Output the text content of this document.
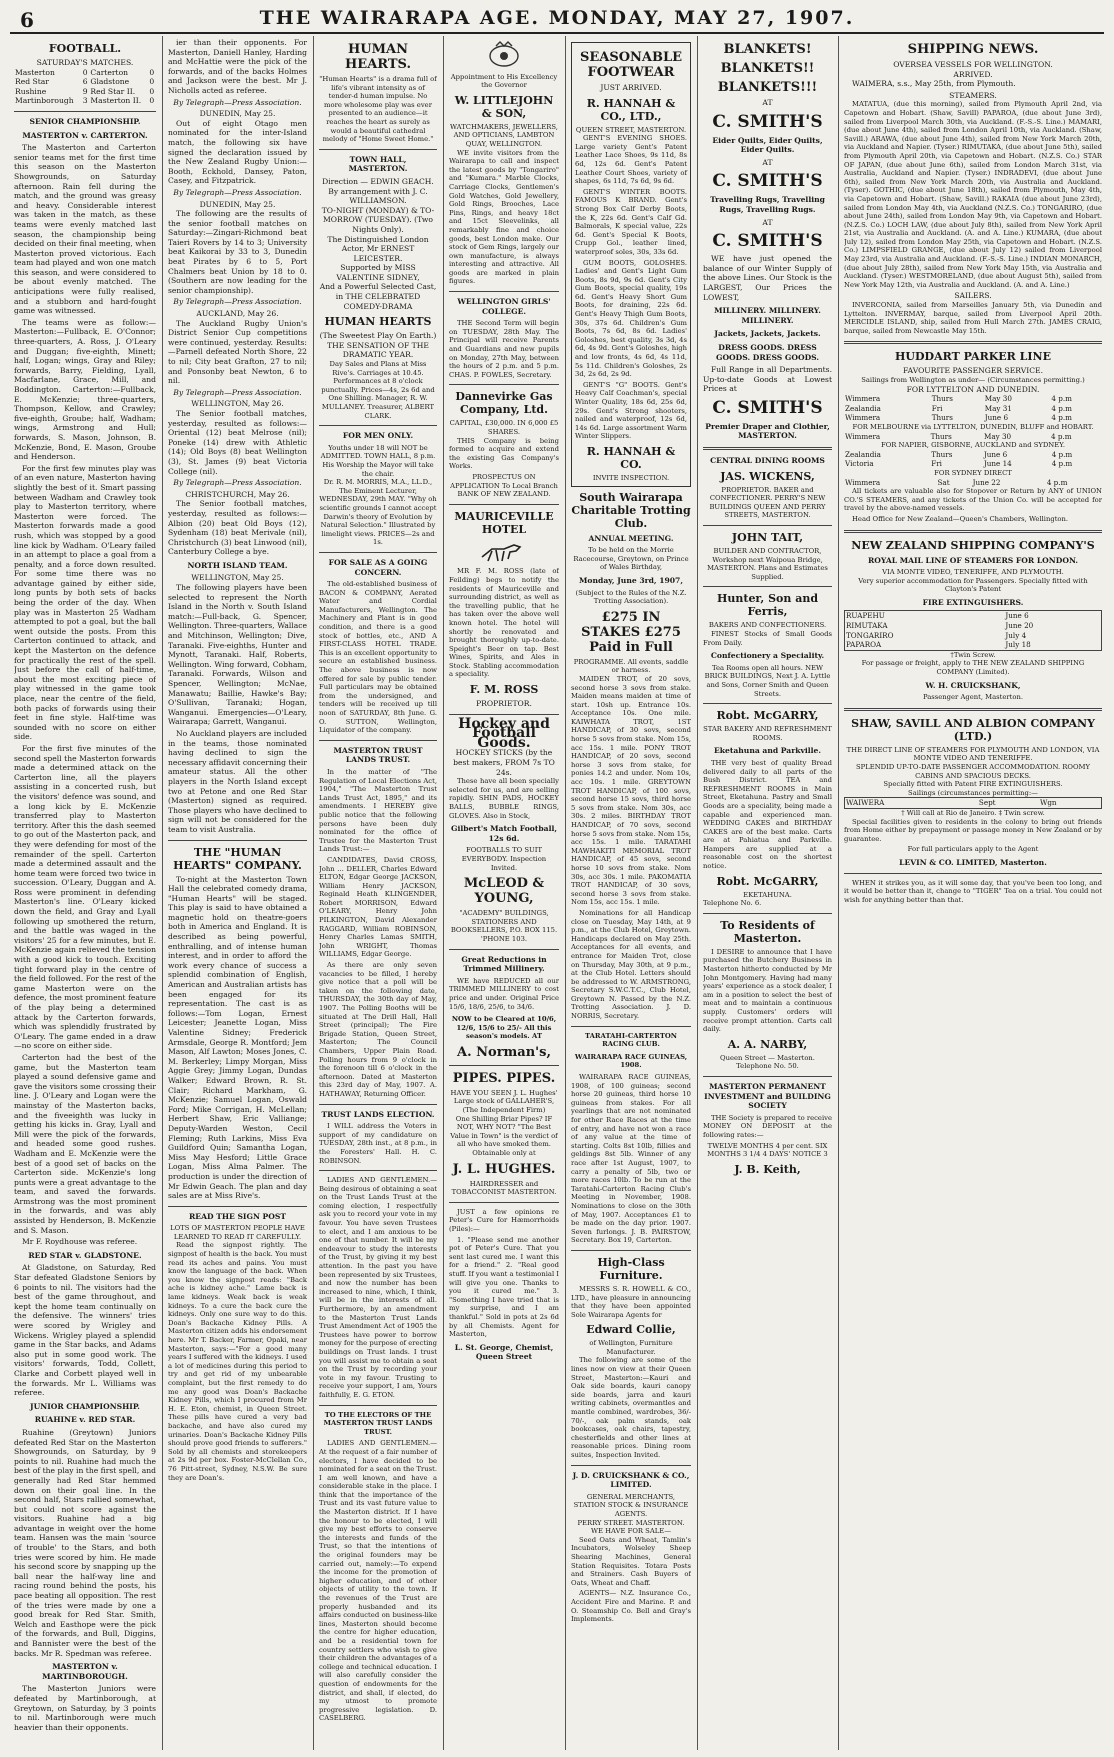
6	THE WAIRARAPA AGE. MONDAY, MAY 27, 1907.
FOOTBALL.
SATURDAY'S MATCHES.
Masterton	0	Carterton	0
Red Star	6	Gladstone	0
Rushine	9	Red Star II.	0
Martinborough	3	Masterton II.	0
SENIOR CHAMPIONSHIP.
MASTERTON v. CARTERTON.

The Masterton and Carterton senior teams met for the first time this season on the Masterton Showgrounds, on Saturday afternoon. Rain fell during the match, and the ground was greasy and heavy. Considerable interest was taken in the match, as these teams were evenly matched last season, the championship being decided on their final meeting, when Masterton proved victorious. Each team had played and won one match this season, and were considered to be about evenly matched. The anticipations were fully realised, and a stubborn and hard-fought game was witnessed.

The teams were as follow:—Masterton:—Fullback, E. O'Connor; three-quarters, A. Ross, J. O'Leary and Duggan; five-eighth, Minett; half, Logan; wings, Gray and Riley; forwards, Barry, Fielding, Lyall, Macfarlane, Grace, Mill, and Boddington. Carterton:—Fullback, E. McKenzie; three-quarters, Thompson, Kellow, and Crawley; five-eighth, Groube; half, Wadham; wings, Armstrong and Hull; forwards, S. Mason, Johnson, B. McKenzie, Bond, E. Mason, Groube and Henderson.

For the first few minutes play was of an even nature, Masterton having slightly the best of it. Smart passing between Wadham and Crawley took play to Masterton territory, where Masterton were forced. The Masterton forwards made a good rush, which was stopped by a good line kick by Wadham. O'Leary failed in an attempt to place a goal from a penalty, and a force down resulted. For some time there was no advantage gained by either side, long punts by both sets of backs being the order of the day. When play was in Masterton 25 Wadham attempted to pot a goal, but the ball went outside the posts. From this Carterton continued to attack, and kept the Masterton on the defence for practically the rest of the spell. Just before the call of half-time, about the most exciting piece of play witnessed in the game took place, near the centre of the field, both packs of forwards using their feet in fine style. Half-time was sounded with no score on either side.

For the first five minutes of the second spell the Masterton forwards made a determined attack on the Carterton line, all the players assisting in a concerted rush, but the visitors' defence was sound, and a long kick by E. McKenzie transferred play to Masterton territory. After this the dash seemed to go out of the Masterton pack, and they were defending for most of the remainder of the spell. Carterton made a determined assault and the home team were forced two twice in succession. O'Leary, Duggan and A. Ross were prominent in defending Masterton's line. O'Leary kicked down the field, and Gray and Lyall following up smothered the return, and the battle was waged in the visitors' 25 for a few minutes, but E. McKenzie again relieved the tension with a good kick to touch. Exciting tight forward play in the centre of the field followed. For the rest of the game Masterton were on the defence, the most prominent feature of the play being a determined attack by the Carterton forwards, which was splendidly frustrated by O'Leary. The game ended in a draw—no score on either side.

Carterton had the best of the game, but the Masterton team played a sound defensive game and gave the visitors some crossing their line. J. O'Leary and Logan were the mainstay of the Masterton backs, and the fiveeighth was lucky in getting his kicks in. Gray, Lyall and Mill were the pick of the forwards, and headed some good rushes. Wadham and E. McKenzie were the best of a good set of backs on the Carterton side. McKenzie's long punts were a great advantage to the team, and saved the forwards. Armstrong was the most prominent in the forwards, and was ably assisted by Henderson, B. McKenzie and S. Mason.

Mr F. Roydhouse was referee.

RED STAR v. GLADSTONE.

At Gladstone, on Saturday, Red Star defeated Gladstone Seniors by 6 points to nil. The visitors had the best of the game throughout, and kept the home team continually on the defensive. The winners' tries were scored by Wrigley and Wickens. Wrigley played a splendid game in the Star backs, and Adams also put in some good work. The visitors' forwards, Todd, Collett, Clarke and Corbett played well in the forwards. Mr L. Williams was referee.

JUNIOR CHAMPIONSHIP.
RUAHINE v. RED STAR.

Ruahine (Greytown) Juniors defeated Red Star on the Masterton Showgrounds, on Saturday, by 9 points to nil. Ruahine had much the best of the play in the first spell, and generally had Red Star hemmed down on their goal line. In the second half, Stars rallied somewhat, but could not score against the visitors. Ruahine had a big advantage in weight over the home team. Hansen was the main 'source of trouble' to the Stars, and both tries were scored by him. He made his second score by snapping up the ball near the half-way line and racing round behind the posts, his pace beating all opposition. The rest of the tries were made by one a good break for Red Star. Smith, Welch and Easthope were the pick of the forwards, and Bull, Diggins, and Bannister were the best of the backs. Mr R. Spedman was referee.

MASTERTON v. MARTINBOROUGH.

The Masterton Juniors were defeated by Martinborough, at Greytown, on Saturday, by 3 points to nil. Martinborough were much heavier than their opponents.

ier than their opponents. For Masterton, Daniell Hanley, Harding and McHattie were the pick of the forwards, and of the backs Holmes and Jackson were the best. Mr J. Nicholls acted as referee.

By Telegraph—Press Association.
DUNEDIN, May 25.

Out of eight Otago men nominated for the inter-Island match, the following six have signed the declaration issued by the New Zealand Rugby Union:—Booth, Eckhold, Dansey, Paton, Casey, and Fitzpatrick.

By Telegraph—Press Association.
DUNEDIN, May 25.

The following are the results of the senior football matches on Saturday:—Zingari-Richmond beat Taieri Rovers by 14 to 3; University beat Kaikorai by 33 to 3, Dunedin beat Pirates by 6 to 5, Port Chalmers beat Union by 18 to 0. (Southern are now leading for the senior championship).

By Telegraph—Press Association.
AUCKLAND, May 26.

The Auckland Rugby Union's District Senior Cup competitions were continued, yesterday. Results:—Parnell defeated North Shore, 22 to nil; City beat Grafton, 27 to nil; and Ponsonby beat Newton, 6 to nil.

By Telegraph—Press Association.
WELLINGTON, May 26.

The Senior football matches, yesterday, resulted as follows:—Oriental (12) beat Melrose (nil); Poneke (14) drew with Athletic (14); Old Boys (8) beat Wellington (3), St. James (9) beat Victoria College (nil).

By Telegraph—Press Association.
CHRISTCHURCH, May 26.

The Senior football matches, yesterday, resulted as follows:—Albion (20) beat Old Boys (12), Sydenham (18) beat Merivale (nil), Christchurch (3) beat Linwood (nil), Canterbury College a bye.

NORTH ISLAND TEAM.
WELLINGTON, May 25.

The following players have been selected to represent the North Island in the North v. South Island match:—Full-back, G. Spencer, Wellington. Three-quarters, Wallace and Mitchinson, Wellington; Dive, Taranaki. Five-eighths, Hunter and Mynott, Taranaki. Half, Roberts, Wellington. Wing forward, Cobham, Taranaki. Forwards, Wilson and Spencer, Wellington; McNae, Manawatu; Baillie, Hawke's Bay; O'Sullivan, Taranaki; Hogan, Wanganui. Emergencies—O'Leary, Wairarapa; Garrett, Wanganui.

No Auckland players are included in the teams, those nominated having declined to sign the necessary affidavit concerning their amateur status. All the other players in the North Island except two at Petone and one Red Star (Masterton) signed as required. Those players who have declined to sign will not be considered for the team to visit Australia.

THE "HUMAN HEARTS" COMPANY.

To-night at the Masterton Town Hall the celebrated comedy drama, "Human Hearts" will be staged. This play is said to have obtained a magnetic hold on theatre-goers both in America and England. It is described as being powerful, enthralling, and of intense human interest, and in order to afford the work every chance of success a splendid combination of English, American and Australian artists has been engaged for its representation. The cast is as follows:—Tom Logan, Ernest Leicester; Jeanette Logan, Miss Valentine Sidney; Frederick Armsdale, George R. Montford; Jem Mason, Alf Lawton; Moses Jones, C. M. Berkerley; Limpy Morgan, Miss Aggie Grey; Jimmy Logan, Dundas Walker; Edward Brown, R. St. Clair; Richard Markham, G. McKenzie; Samuel Logan, Oswald Ford; Mike Corrigan, H. McLellan; Herbert Shaw, Eric Valliange; Deputy-Warden Weston, Cecil Fleming; Ruth Larkins, Miss Eva Guildford Quin; Samantha Logan, Miss May Hesford; Little Grace Logan, Miss Alma Palmer. The production is under the direction of Mr Edwin Geach. The plan and day sales are at Miss Rive's.

READ THE SIGN POST
LOTS OF MASTERTON PEOPLE HAVE LEARNED TO READ IT CAREFULLY.

Read the signpost rightly. The signpost of health is the back. You must read its aches and pains. You must know the language of the back. When you know the signpost reads: "Back ache is kidney ache." Lame back is lame kidneys. Weak back is weak kidneys. To a cure the back cure the kidneys. Only one sure way to do this. Doan's Backache Kidney Pills. A Masterton citizen adds his endorsement here. Mr T. Backer, Farmer, Opaki, near Masterton, says:—"For a good many years I suffered with the kidneys. I used a lot of medicines during this period to try and get rid of my unbearable complaint, but the first remedy to do me any good was Doan's Backache Kidney Pills, which I procured from Mr H. E. Eton, chemist, in Queen Street. These pills have cured a very bad backache, and have also cured my urinaries. Doan's Backache Kidney Pills should prove good friends to sufferers." Sold by all chemists and storekeepers at 2s 9d per box. Foster-McClellan Co., 76 Pitt-street, Sydney, N.S.W. Be sure they are Doan's.

HUMAN HEARTS.

"Human Hearts" is a drama full of life's vibrant intensity as of tender-d human impulse. No more wholesome play was ever presented to an audience—it reaches the heart as surely as would a beautiful cathedral melody of "Home Sweet Home."

TOWN HALL, MASTERTON.
Direction — EDWIN GEACH.
By arrangement with J. C. WILLIAMSON.
TO-NIGHT (MONDAY) & TO-MORROW (TUESDAY). (Two Nights Only).
The Distinguished London Actor, Mr ERNEST LEICESTER.
Supported by MISS VALENTINE SIDNEY,
And a Powerful Selected Cast, in THE CELEBRATED COMEDY-DRAMA
HUMAN HEARTS
(The Sweetest Play On Earth.) THE SENSATION OF THE DRAMATIC YEAR.
Day Sales and Plans at Miss Rive's. Carriages at 10.45. Performances at 8 o'clock punctually. Prices—4s, 2s 6d and One Shilling. Manager, R. W. MULLANEY. Treasurer, ALBERT CLARK.
FOR MEN ONLY.
Youths under 18 will NOT be ADMITTED. TOWN HALL, 8 p.m. His Worship the Mayor will take the chair.
Dr. R. M. MORRIS, M.A., LL.D., The Eminent Lecturer, WEDNESDAY, 29th MAY. "Why oh scientific grounds I cannot accept Darwin's theory of Evolution by Natural Selection." Illustrated by limelight views. PRICES—2s and 1s.
FOR SALE AS A GOING CONCERN.

The old-established business of BACON & COMPANY, Aerated Water and Cordial Manufacturers, Wellington. The Machinery and Plant is in good condition, and there is a good stock of bottles, etc., AND A FIRST-CLASS HOTEL TRADE. This is an excellent opportunity to secure an established business. The above business is now offered for sale by public tender. Full particulars may be obtained from the undersigned, and tenders will be received up till noon of SATURDAY, 8th June. G. O. SUTTON, Wellington, Liquidator of the company.

MASTERTON TRUST LANDS TRUST.

In the matter of "The Regulation of Local Elections Act, 1904," "The Masterton Trust Lands Trust Act, 1895," and its amendments. I HEREBY give public notice that the following persons have been duly nominated for the office of Trustee for the Masterton Trust Lands Trust:—

CANDIDATES, David CROSS, John ... DELLER, Charles Edward ELTON, Edgar George JACKSON, William Henry JACKSON, Reginald Heath KLINGENDER, Robert MORRISON, Edward O'LEARY, Henry John PILKINGTON, David Alexander RAGGARD, William ROBINSON, Henry Charles Lamas SMITH, John WRIGHT, Thomas WILLIAMS, Edgar George.

As there are only seven vacancies to be filled, I hereby give notice that a poll will be taken on the following date, THURSDAY, the 30th day of May, 1907. The Polling Booths will be situated at The Drill Hall, Hall Street (principal); The Fire Brigade Station, Queen Street, Masterton; The Council Chambers, Upper Plain Road. Polling hours from 9 o'clock in the forenoon till 6 o'clock in the afternoon. Dated at Masterton this 23rd day of May, 1907. A. HATHAWAY, Returning Officer.

TRUST LANDS ELECTION.

I WILL address the Voters in support of my candidature on TUESDAY, 28th inst., at 8 p.m., in the Foresters' Hall. H. C. ROBINSON.

LADIES AND GENTLEMEN.—Being desirous of obtaining a seat on the Trust Lands Trust at the coming election, I respectfully ask you to record your vote in my favour. You have seven Trustees to elect, and I am anxious to be one of that number. It will be my endeavour to study the interests of the Trust, by giving it my best attention. In the past you have been represented by six Trustees, and now the number has been increased to nine, which, I think, will be in the interests of all. Furthermore, by an amendment to the Masterton Trust Lands Trust Amendment Act of 1905 the Trustees have power to borrow money for the purpose of erecting buildings on Trust lands. I trust you will assist me to obtain a seat on the Trust by recording your vote in my favour. Trusting to receive your support, I am, Yours faithfully, E. G. ETON.

TO THE ELECTORS OF THE MASTERTON TRUST LANDS TRUST.

LADIES AND GENTLEMEN.—At the request of a fair number of electors, I have decided to be nominated for a seat on the Trust. I am well known, and have a considerable stake in the place. I think that the importance of the Trust and its vast future value to the Masterton district. If I have the honour to be elected, I will give my best efforts to conserve the interests and funds of the Trust, so that the intentions of the original founders may be carried out, namely:—To expend the income for the promotion of higher education, and of other objects of utility to the town. If the revenues of the Trust are properly husbanded and its affairs conducted on business-like lines, Masterton should become the centre for higher education, and be a residential town for country settlers who wish to give their children the advantages of a college and technical education. I will also carefully consider the question of endowments for the district, and shall, if elected, do my utmost to promote progressive legislation. D. CASELBERG.

Appointment to His Excellency the Governor
W. LITTLEJOHN & SON,
WATCHMAKERS, JEWELLERS, AND OPTICIANS, LAMBTON QUAY, WELLINGTON.

WE invite visitors from the Wairarapa to call and inspect the latest goods by "Tongariro" and "Kumara." Marble Clocks, Carriage Clocks, Gentlemen's Gold Watches, Gold Jewellery, Gold Rings, Brooches, Lace Pins, Rings, and heavy 18ct and 15ct Sleevelinks, all remarkably fine and choice goods, best London make. Our stock of Gem Rings, largely our own manufacture, is always interesting and attractive. All goods are marked in plain figures.

WELLINGTON GIRLS' COLLEGE.

THE Second Term will begin on TUESDAY, 28th May. The Principal will receive Parents and Guardians and new pupils on Monday, 27th May, between the hours of 2 p.m. and 5 p.m. CHAS. P. FOWLES, Secretary.

Dannevirke Gas Company, Ltd.
CAPITAL, £30,000. IN 6,000 £5 SHARES.

THIS Company is being formed to acquire and extend the existing Gas Company's Works.

PROSPECTUS ON APPLICATION To Local Branch BANK OF NEW ZEALAND.
MAURICEVILLE HOTEL

MR F. M. ROSS (late of Feilding) begs to notify the residents of Mauriceville and surrounding district, as well as the travelling public, that he has taken over the above well known hotel. The hotel will shortly be renovated and brought thoroughly up-to-date. Speight's Beer on tap. Best Wines, Spirits, and Ales in Stock. Stabling accommodation a speciality.

F. M. ROSS
PROPRIETOR.
Hockey and Football Goods.
HOCKEY STICKS (by the best makers, FROM 7s TO 24s.

These have all been specially selected for us, and are selling rapidly. SHIN PADS, HOCKEY BALLS, BUBBLE RINGS, GLOVES. Also in Stock,

Gilbert's Match Football, 12s 6d.
FOOTBALLS TO SUIT EVERYBODY. Inspection Invited.
McLEOD & YOUNG,
"ACADEMY" BUILDINGS, STATIONERS AND BOOKSELLERS, P.O. BOX 115. 'PHONE 103.
Great Reductions in Trimmed Millinery.

WE have REDUCED all our TRIMMED MILLINERY to cost price and under. Original Price 15/6, 18/6, 25/6, to 34/6.

NOW to be Cleared at 10/6, 12/6, 15/6 to 25/- All this season's models. AT
A. Norman's,
PIPES. PIPES.
HAVE YOU SEEN J. L. Hughes' Large stock of GALLAHER'S, (The Independent Firm)
One Shilling Briar Pipes? IF NOT, WHY NOT? "The Best Value in Town" is the verdict of all who have smoked them. Obtainable only at
J. L. HUGHES.
HAIRDRESSER and TOBACCONIST MASTERTON.

JUST a few opinions re Peter's Cure for Hæmorrhoids (Piles):—

1. "Please send me another pot of Peter's Cure. That you sent last cured me. I want this for a friend." 2. "Real good stuff. If you want a testimonial I will give you one. Thanks to you it cured me." 3. "Something I have tried that is my surprise, and I am thankful." Sold in pots at 2s 6d by all Chemists. Agent for Masterton,

L. St. George, Chemist, Queen Street
SEASONABLE FOOTWEAR
JUST ARRIVED.
R. HANNAH & CO., LTD.,
QUEEN STREET, MASTERTON.

GENT'S EVENING SHOES. Large variety Gent's Patent Leather Lace Shoes, 9s 11d, 8s 6d, 12s 6d. Gent's Patent Leather Court Shoes, variety of shapes, 6s 11d, 7s 6d, 9s 6d.

GENT'S WINTER BOOTS. FAMOUS K BRAND. Gent's Strong Box Calf Derby Boots, the K, 22s 6d. Gent's Calf Gd. Balmorals, K special value, 22s 6d. Gent's Special K Boots, Crupp Gol., leather lined, waterproof soles, 30s, 33s 6d.

GUM BOOTS, GOLOSHES. Ladies' and Gent's Light Gum Boots, 8s 9d, 9s 6d. Gent's City Gum Boots, special quality, 19s 6d. Gent's Heavy Short Gum Boots, for draining, 22s 6d. Gent's Heavy Thigh Gum Boots, 30s, 37s 6d. Children's Gum Boots, 7s 6d, 8s 6d. Ladies' Goloshes, best quality, 3s 3d, 4s 6d, 4s 9d. Gent's Goloshes, high and low fronts, 4s 6d, 4s 11d, 5s 11d. Children's Goloshes, 2s 3d, 2s 6d, 2s 9d.

GENT'S "G" BOOTS. Gent's Heavy Calf Coachman's, special Winter Quality, 18s 6d, 25s 6d, 29s. Gent's Strong shooters, nailed and waterproof, 12s 6d, 14s 6d. Large assortment Warm Winter Slippers.

R. HANNAH & CO.
INVITE INSPECTION.
South Wairarapa Charitable Trotting Club.
ANNUAL MEETING.
To be held on the Morrie Racecourse, Greytown, on Prince of Wales Birthday,
Monday, June 3rd, 1907,
(Subject to the Rules of the N.Z. Trotting Association).
£275 IN STAKES £275 Paid in Full
PROGRAMME. All events, saddle or harness.

MAIDEN TROT, of 20 sovs, second horse 3 sovs from stake. Maiden means maiden at time of start. 10sh up. Entrance 10s. Acceptance 10s. One mile. KAIWHATA TROT, 1ST HANDICAP, of 30 sovs, second horse 5 sovs from stake. Nom 15s, acc 15s. 1 mile. PONY TROT HANDICAP, of 20 sovs, second horse 3 sovs from stake, for ponies 14.2 and under. Nom 10s, acc 10s. 1 mile. GREYTOWN TROT HANDICAP, of 100 sovs, second horse 15 sovs, third horse 5 sovs from stake. Nom 30s, acc 30s. 2 miles. BIRTHDAY TROT HANDICAP, of 70 sovs, second horse 5 sovs from stake. Nom 15s, acc 15s. 1 mile. TARATAHI MAWHAKITI MEMORIAL TROT HANDICAP, of 45 sovs, second horse 10 sovs from stake. Nom 30s, acc 30s. 1 mile. PAKOMATIA TROT HANDICAP, of 30 sovs, second horse 3 sovs from stake. Nom 15s, acc 15s. 1 mile.

Nominations for all Handicap close on Tuesday, May 14th, at 9 p.m., at the Club Hotel, Greytown. Handicaps declared on May 25th. Acceptances for all events, and entrance for Maiden Trot, close on Thursday, May 30th, at 9 p.m., at the Club Hotel. Letters should be addressed to W. ARMSTRONG, Secretary S.W.C.T.C., Club Hotel, Greytown N. Passed by the N.Z. Trotting Association. J. D. NORRIS, Secretary.

TARATAHI-CARTERTON RACING CLUB.
WAIRARAPA RACE GUINEAS, 1908.

WAIRARAPA RACE GUINEAS, 1908, of 100 guineas; second horse 20 guineas, third horse 10 guineas from stakes. For all yearlings that are not nominated for other Race Races at the time of entry, and have not won a race of any value at the time of starting. Colts 8st 10lb, fillies and geldings 8st 5lb. Winner of any race after 1st August, 1907, to carry a penalty of 5lb, two or more races 10lb. To be run at the Taratahi-Carterton Racing Club's Meeting in November, 1908. Nominations to close on the 30th of May, 1907. Acceptances £1 to be made on the day prior. 1907. Seven furlongs. J. B. PAIRSTOW, Secretary. Box 19, Carterton.

High-Class Furniture.

MESSRS S. R. HOWELL & CO., LTD., have pleasure in announcing that they have been appointed Sole Wairarapa Agents for

Edward Collie,
of Wellington, Furniture Manufacturer.

The following are some of the lines now on view at their Queen Street, Masterton:—Kauri and Oak side boards, kauri canopy side boards, jarra and kauri writing cabinets, overmantles and mantle combined, wardrobes, 36/- 70/-, oak palm stands, oak bookcases, oak chairs, tapestry, chesterfields and other lines at reasonable prices. Dining room suites, Inspection Invited.

J. D. CRUICKSHANK & CO., LIMITED.
GENERAL MERCHANTS, STATION STOCK & INSURANCE AGENTS.
PERRY STREET. MASTERTON.
WE HAVE FOR SALE—

Seed Oats and Wheat, Tamlin's Incubators, Wolseley Sheep Shearing Machines, General Station Requisites. Totara Posts and Strainers. Cash Buyers of Oats, Wheat and Chaff.

AGENTS— N.Z. Insurance Co., Accident Fire and Marine. P. and O. Steamship Co. Bell and Gray's Implements.

BLANKETS!
BLANKETS!!
BLANKETS!!!
AT
C. SMITH'S
Eider Quilts, Eider Quilts, Eider Quilts.
AT
C. SMITH'S
Travelling Rugs, Travelling Rugs, Travelling Rugs.
AT
C. SMITH'S

WE have just opened the balance of our Winter Supply of the above Lines. Our Stock is the LARGEST, Our Prices the LOWEST,

MILLINERY. MILLINERY. MILLINERY.
Jackets, Jackets, Jackets.
DRESS GOODS. DRESS GOODS. DRESS GOODS.

Full Range in all Departments. Up-to-date Goods at Lowest Prices at

C. SMITH'S
Premier Draper and Clothier, MASTERTON.
CENTRAL DINING ROOMS
JAS. WICKENS,
PROPRIETOR. BAKER and CONFECTIONER. PERRY'S NEW BUILDINGS QUEEN AND PERRY STREETS, MASTERTON.
JOHN TAIT,
BUILDER AND CONTRACTOR, Workshop next Waipoua Bridge, MASTERTON. Plans and Estimates Supplied.
Hunter, Son and Ferris,
BAKERS AND CONFECTIONERS.

FINEST Stocks of Small Goods From Daily.

Confectionery a Speciality.
Tea Rooms open all hours. NEW BRICK BUILDINGS, Next J. A. Lyttle and Sons, Corner Smith and Queen Streets.
Robt. McGARRY,
STAR BAKERY AND REFRESHMENT ROOMS.
Eketahuna and Parkville.

THE very best of quality Bread delivered daily to all parts of the Bush District. TEA and REFRESHMENT ROOMS in Main Street, Eketahuna. Pastry and Small Goods are a speciality, being made a capable and experienced man. WEDDING CAKES and BIRTHDAY CAKES are of the best make. Carts are at Pahiatua and Parkville. Hampers are supplied at a reasonable cost on the shortest notice.

Robt. McGARRY,
EKETAHUNA.
Telephone No. 6.
To Residents of Masterton.

I DESIRE to announce that I have purchased the Butchery Business in Masterton hitherto conducted by Mr John Montgomery. Having had many years' experience as a stock dealer, I am in a position to select the best of meat and to maintain a continuous supply. Customers' orders will receive prompt attention. Carts call daily.

A. A. NARBY,
Queen Street — Masterton. Telephone No. 50.
MASTERTON PERMANENT INVESTMENT and BUILDING SOCIETY

THE Society is prepared to receive MONEY ON DEPOSIT at the following rates:—

TWELVE MONTHS 4 per cent. SIX MONTHS 3 1/4 4 DAYS' NOTICE 3
J. B. Keith,
SHIPPING NEWS.
OVERSEA VESSELS FOR WELLINGTON.
ARRIVED.

WAIMERA, s.s., May 25th, from Plymouth.

STEAMERS.

MATATUA, (due this morning), sailed from Plymouth April 2nd, via Capetown and Hobart. (Shaw, Savill) PAPAROA, (due about June 3rd), sailed from Liverpool March 30th, via Auckland. (F.-S.-S. Line.) MAMARI, (due about June 4th), sailed from London April 10th, via Auckland. (Shaw, Savill.) ARAWA, (due about June 4th), sailed from New York March 20th, via Auckland and Napier. (Tyser.) RIMUTAKA, (due about June 5th), sailed from Plymouth April 20th, via Capetown and Hobart. (N.Z.S. Co.) STAR OF JAPAN, (due about June 6th), sailed from London March 31st, via Australia, Auckland and Napier. (Tyser.) INDRADEVI, (due about June 6th), sailed from New York March 20th, via Australia and Auckland. (Tyser). GOTHIC, (due about June 18th), sailed from Plymouth, May 4th, via Capetown and Hobart. (Shaw, Savill.) RAKAIA (due about June 23rd), sailed from London May 4th, via Auckland (N.Z.S. Co.) TONGARIRO, (due about June 24th), sailed from London May 9th, via Capetown and Hobart. (N.Z.S. Co.) LOCH LAW, (due about July 8th), sailed from New York April 21st, via Australia and Auckland. (A. and A. Line.) KUMARA, (due about July 12), sailed from London May 25th, via Capetown and Hobart. (N.Z.S. Co.) LIMPSFIELD GRANGE, (due about July 12) sailed from Liverpool May 23rd, via Australia and Auckland. (F.-S.-S. Line.) INDIAN MONARCH, (due about July 28th), sailed from New York May 15th, via Australia and Auckland. (Tyser.) WESTMORELAND, (due about August 5th), sailed from New York May 12th, via Australia and Auckland. (A. and A. Line.)

SAILERS.

INVERCONIA, sailed from Marseilles January 5th, via Dunedin and Lyttelton. INVERMAY, barque, sailed from Liverpool April 20th. MERCIDLE ISLAND, ship, sailed from Hull March 27th. JAMES CRAIG, barque, sailed from Newcastle May 15th.

HUDDART PARKER LINE
FAVOURITE PASSENGER SERVICE.
Sailings from Wellington as under— (Circumstances permitting.)
FOR LYTTELTON AND DUNEDIN.
Wimmera	Thurs	May 30	4 p.m
Zealandia	Fri	May 31	4 p.m
Wimmera	Thurs	June 6	4 p.m
FOR MELBOURNE via LYTTELTON, DUNEDIN, BLUFF and HOBART.
Wimmera	Thurs	May 30	4 p.m
FOR NAPIER, GISBORNE, AUCKLAND and SYDNEY.
Zealandia	Thurs	June 6	4 p.m
Victoria	Fri	June 14	4 p.m
FOR SYDNEY DIRECT
Wimmera	Sat	June 22	4 p.m

All tickets are valuable also for Stopover or Return by ANY of UNION CO.'S STEAMERS, and any tickets of the Union Co. will be accepted for travel by the above-named vessels.

Head Office for New Zealand—Queen's Chambers, Wellington.

NEW ZEALAND SHIPPING COMPANY'S
ROYAL MAIL LINE OF STEAMERS FOR LONDON.
VIA MONTE VIDEO, TENERIFFE, AND PLYMOUTH.
Very superior accommodation for Passengers. Specially fitted with Clayton's Patent
FIRE EXTINGUISHERS.
RUAPEHU	June 6
RIMUTAKA	June 20
TONGARIRO	July 4
PAPAROA	July 18
†Twin Screw.
For passage or freight, apply to THE NEW ZEALAND SHIPPING COMPANY (Limited).
W. H. CRUICKSHANK,
Passenger Agent, Masterton.
SHAW, SAVILL AND ALBION COMPANY (LTD.)
THE DIRECT LINE OF STEAMERS FOR PLYMOUTH AND LONDON, VIA MONTE VIDEO AND TENERIFFE.
SPLENDID UP-TO-DATE PASSENGER ACCOMMODATION. ROOMY CABINS AND SPACIOUS DECKS.
Specially fitted with Patent FIRE EXTINGUISHERS.
Sailings (circumstances permitting:—
WAIWERA	Sept	Wgn
† Will call at Rio de Janeiro. ‡ Twin screw.

Special facilities given to residents in the colony to bring out friends from Home either by prepayment or passage money in New Zealand or by guarantee.

For full particulars apply to the Agent
LEVIN & CO. LIMITED, Masterton.

WHEN it strikes you, as it will some day, that you've been too long, and it would be better than it, change to "TIGER" Tea on a trial. You could not wish for anything better than that.
